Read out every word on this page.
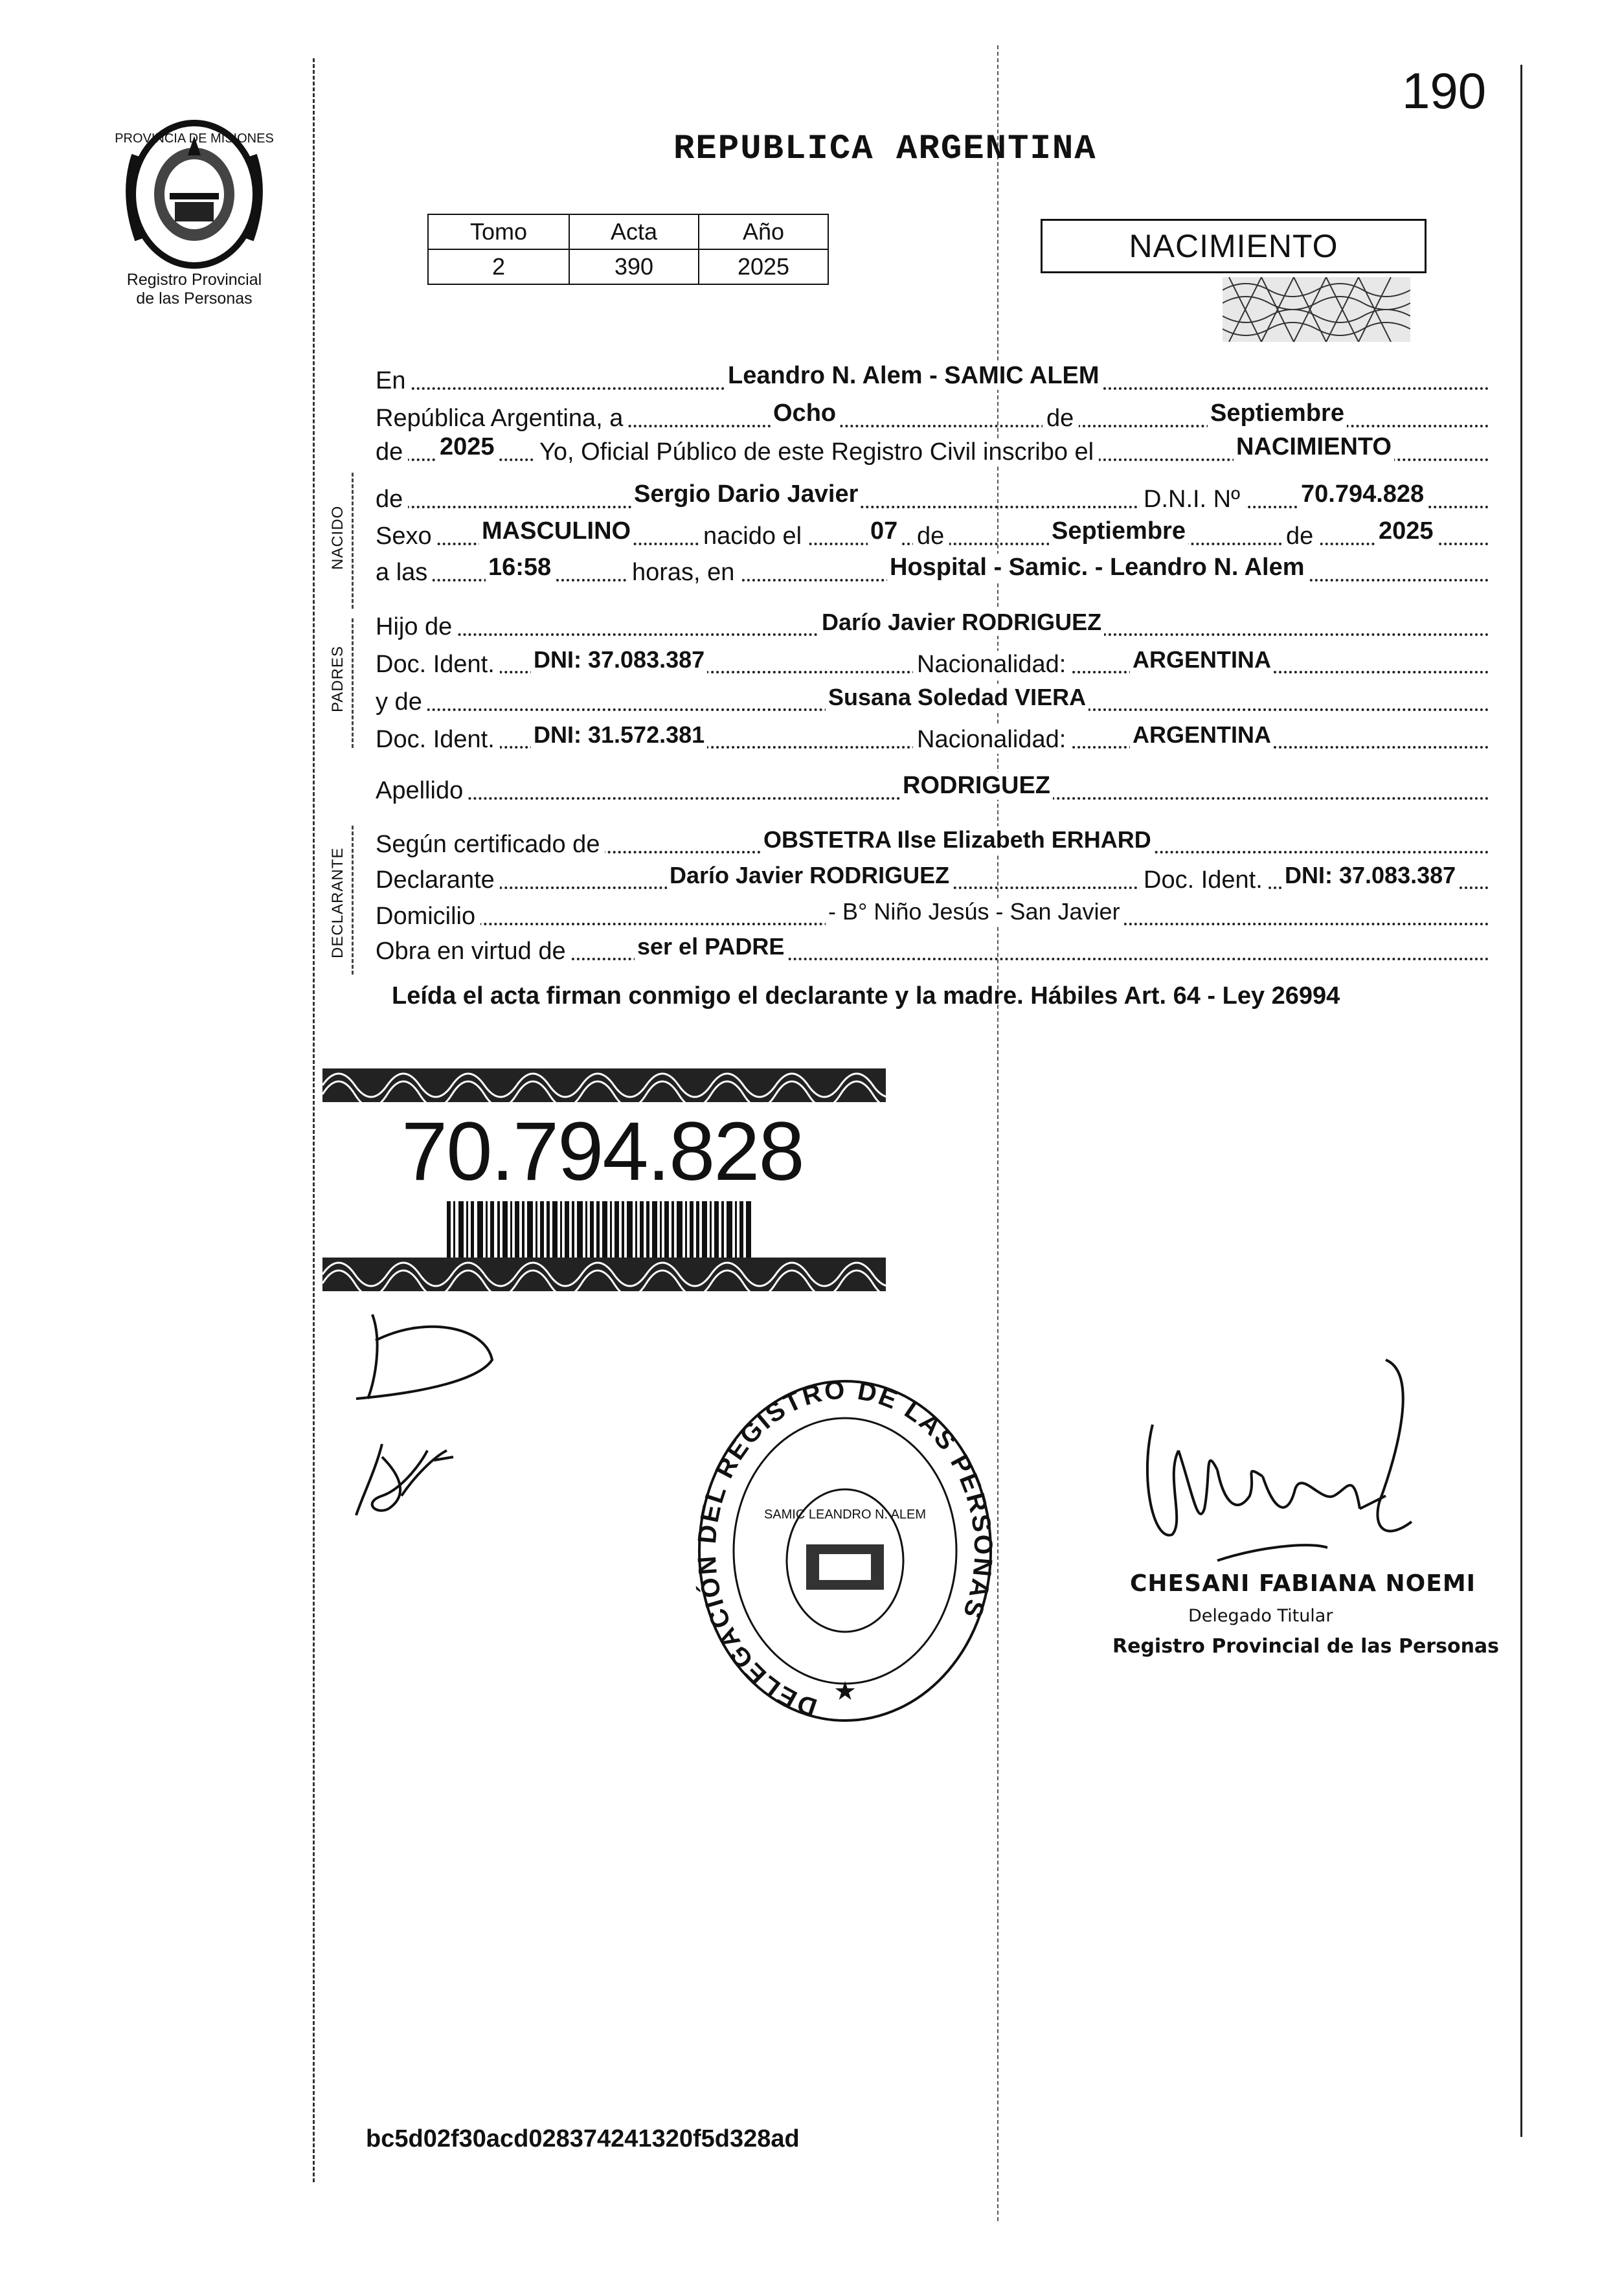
190
PROVINCIA DE MISIONES
Registro Provincial
de las Personas
REPUBLICA ARGENTINA
Tomo	Acta	Año
2	390	2025
NACIMIENTO
NACIDO
PADRES
DECLARANTE
En	Leandro N. Alem - SAMIC ALEM
República Argentina, a	Ocho	de	Septiembre
de 2025 Yo, Oficial Público de este Registro Civil inscribo el	NACIMIENTO
de	Sergio Dario Javier	D.N.I. Nº 70.794.828
Sexo MASCULINO	nacido el	07 de	Septiembre	de	2025
a las 16:58	horas, en	Hospital - Samic. - Leandro N. Alem
Hijo de	Darío Javier RODRIGUEZ
Doc. Ident. DNI: 37.083.387	Nacionalidad:	ARGENTINA
y de	Susana Soledad VIERA
Doc. Ident. DNI: 31.572.381	Nacionalidad:	ARGENTINA
Apellido	RODRIGUEZ
Según certificado de	OBSTETRA Ilse Elizabeth ERHARD
Declarante	Darío Javier RODRIGUEZ	Doc. Ident. DNI: 37.083.387
Domicilio	- B° Niño Jesús - San Javier
Obra en virtud de	ser el PADRE
Leída el acta firman conmigo el declarante y la madre. Hábiles Art. 64 - Ley 26994
70.794.828
DELEGACIÓN DEL REGISTRO DE LAS PERSONAS
SAMIC LEANDRO N. ALEM
★
CHESANI FABIANA NOEMI
Delegado Titular
Registro Provincial de las Personas
bc5d02f30acd028374241320f5d328ad
